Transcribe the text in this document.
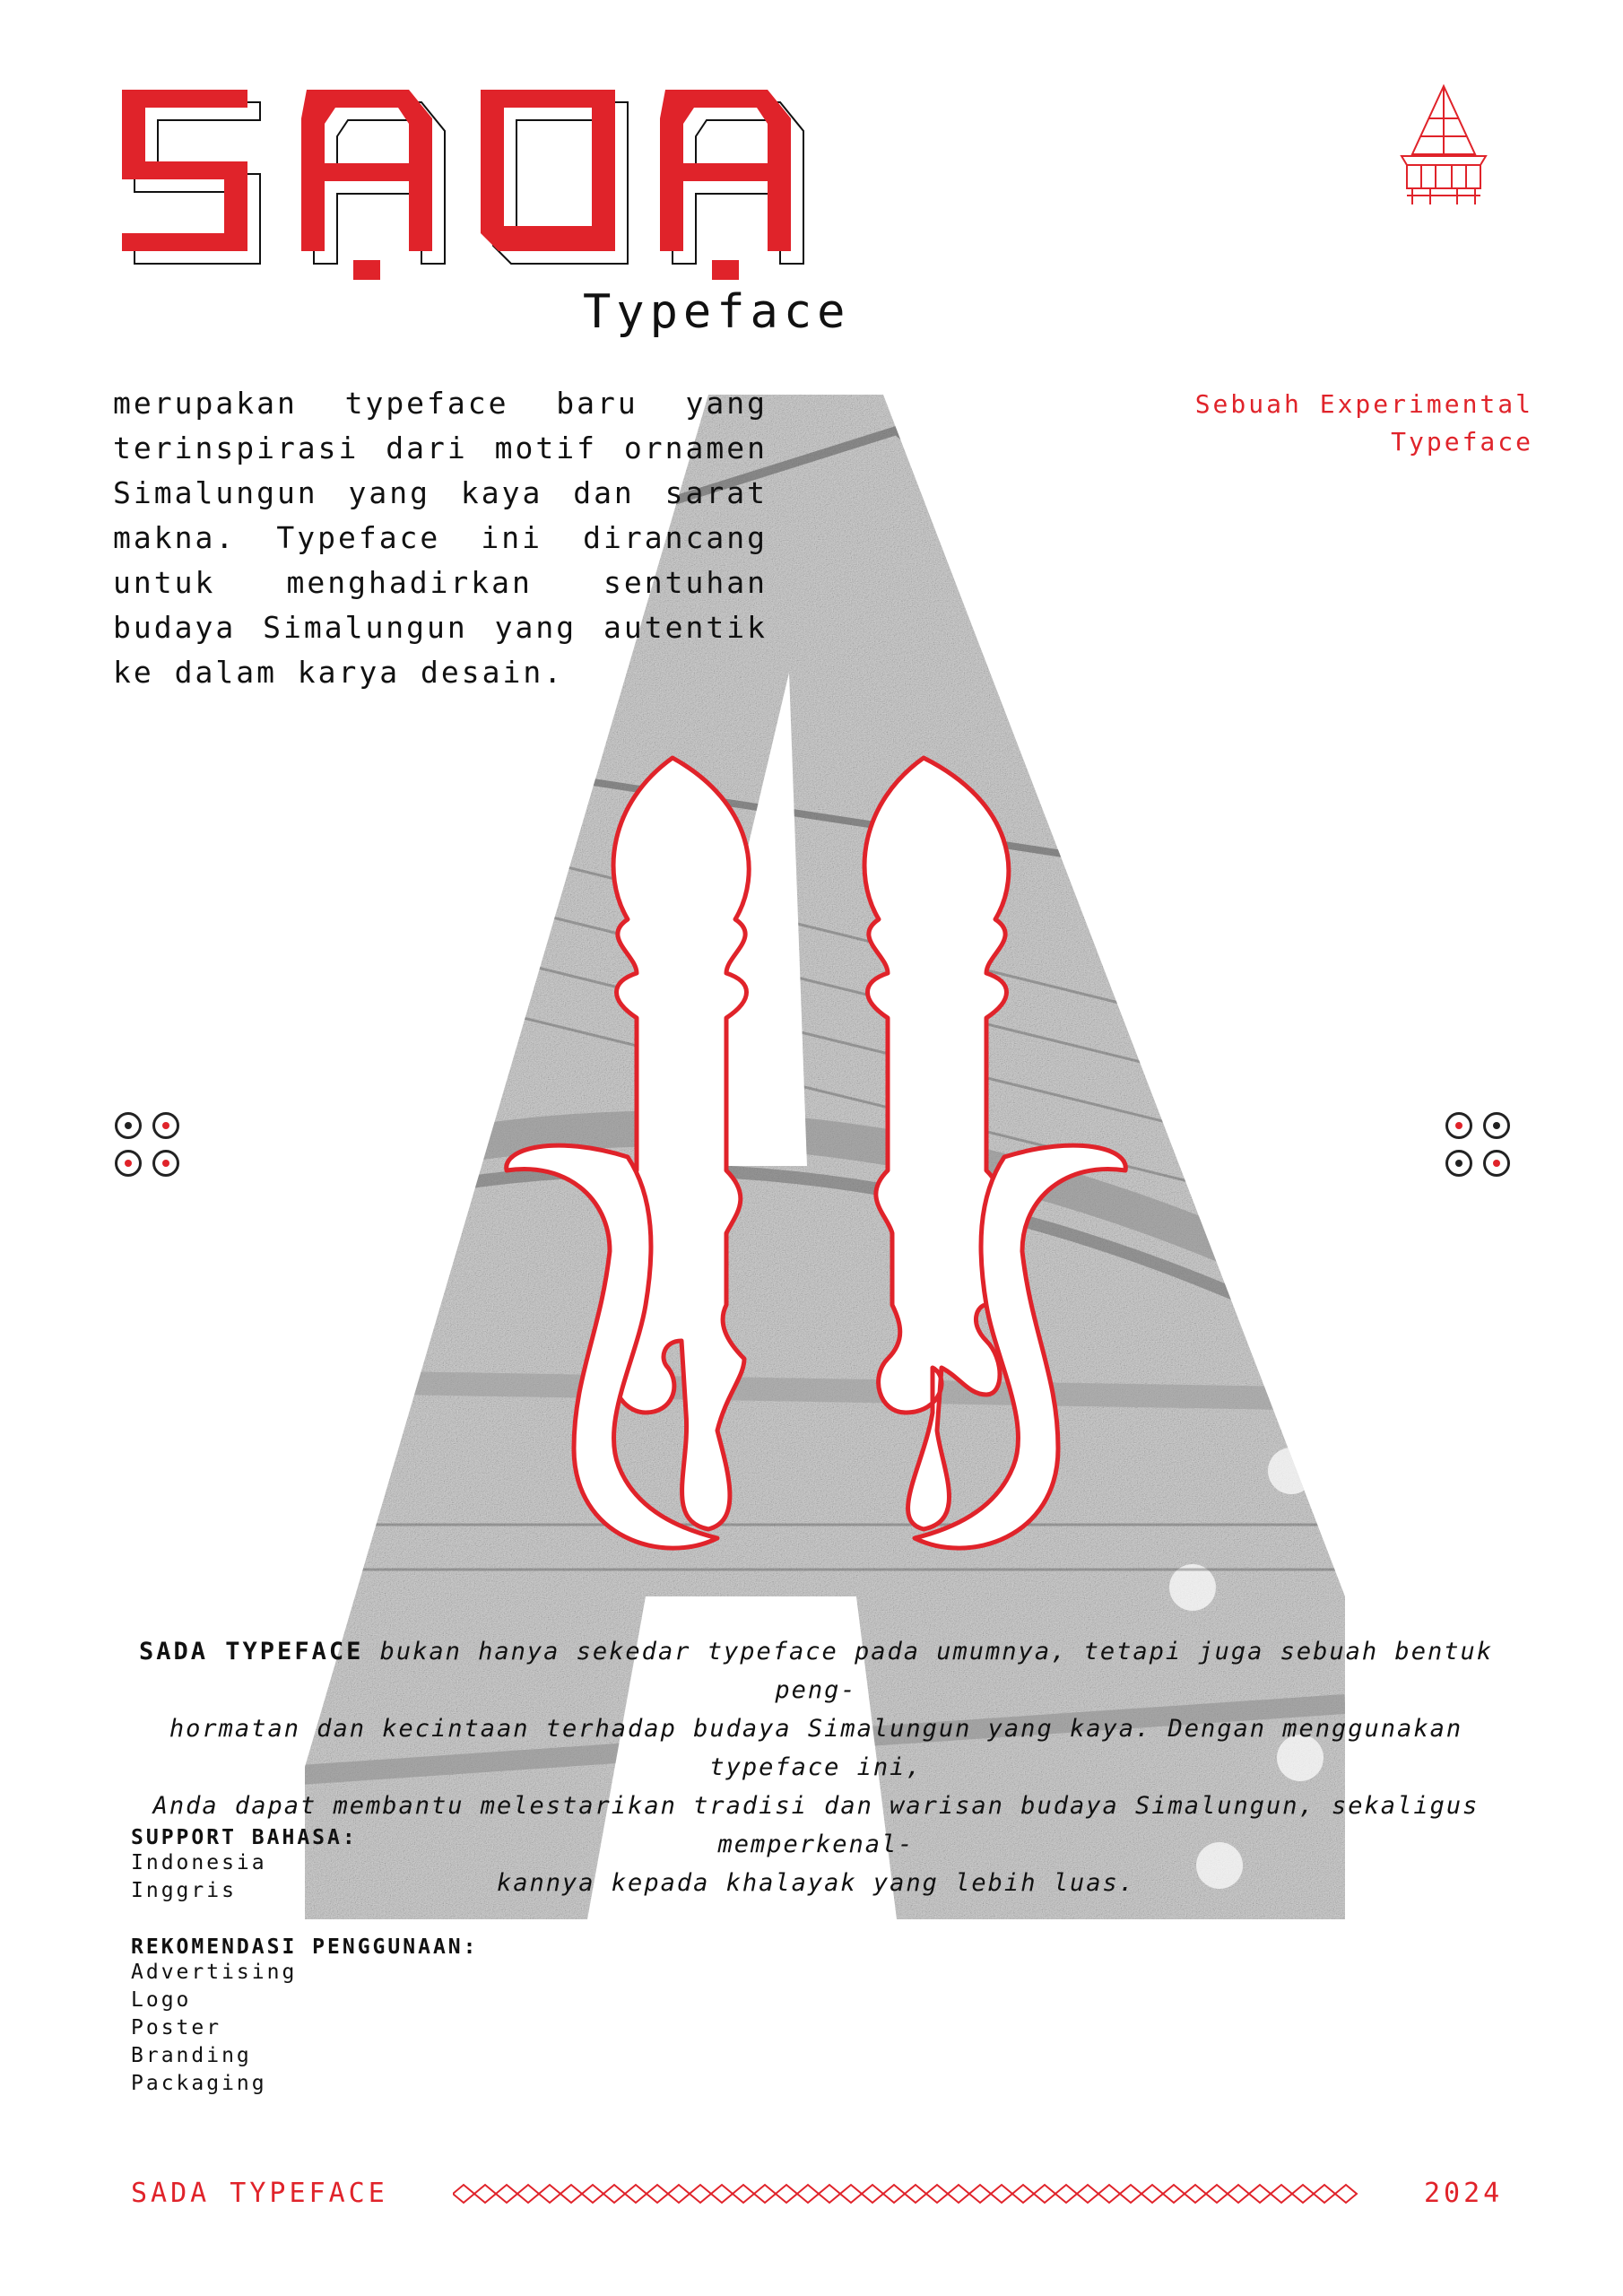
Typeface
merupakan typeface baru yang terinspirasi dari motif ornamen Simalungun yang kaya dan sarat makna. Typeface ini dirancang untuk menghadirkan sentuhan budaya Simalungun yang autentik ke dalam karya desain.
Sebuah Experimental
Typeface
SADA TYPEFACE bukan hanya sekedar typeface pada umumnya, tetapi juga sebuah bentuk peng-
hormatan dan kecintaan terhadap budaya Simalungun yang kaya. Dengan menggunakan typeface ini,
Anda dapat membantu melestarikan tradisi dan warisan budaya Simalungun, sekaligus memperkenal-
kannya kepada khalayak yang lebih luas.
SUPPORT BAHASA:
Indonesia
Inggris
REKOMENDASI PENGGUNAAN:
Advertising
Logo
Poster
Branding
Packaging
SADA TYPEFACE	2024
